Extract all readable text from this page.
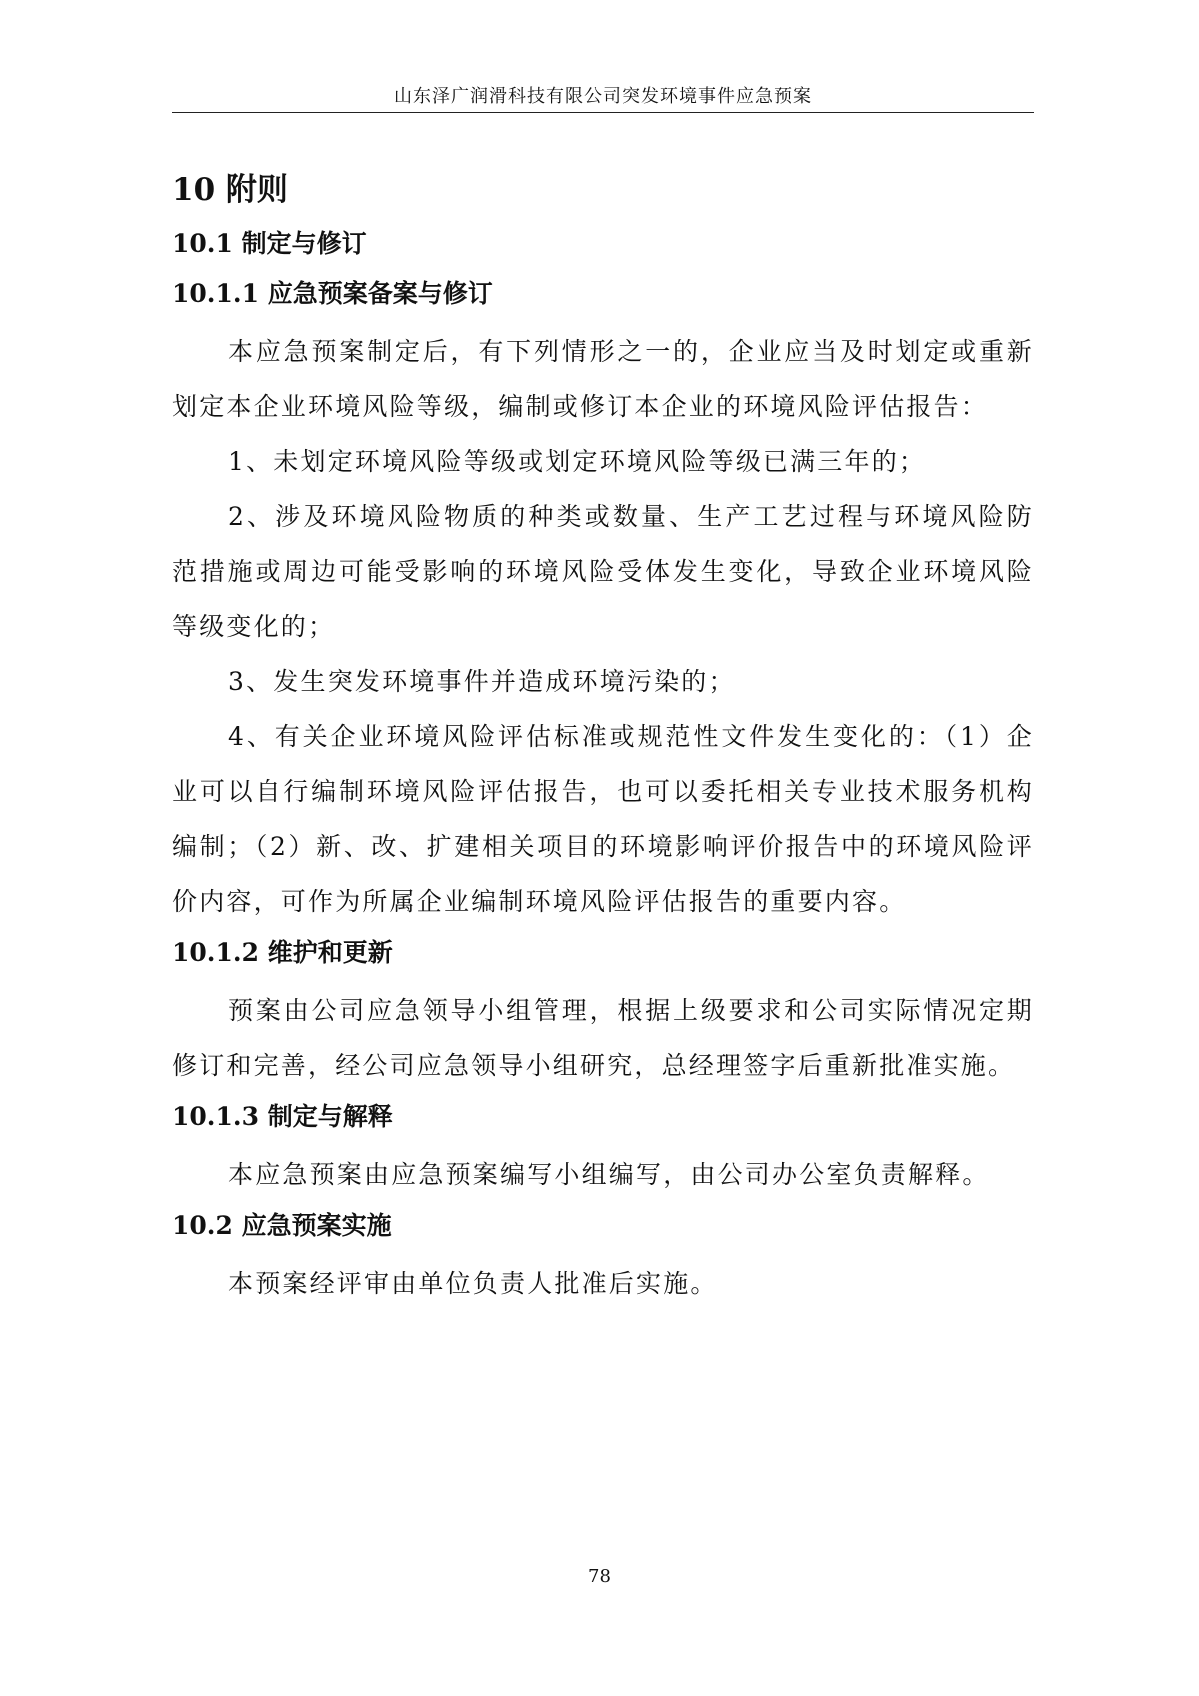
山东泽广润滑科技有限公司突发环境事件应急预案
10 附则
10.1 制定与修订
10.1.1 应急预案备案与修订

本应急预案制定后，有下列情形之一的，企业应当及时划定或重新划定本企业环境风险等级，编制或修订本企业的环境风险评估报告：

1、未划定环境风险等级或划定环境风险等级已满三年的；

2、涉及环境风险物质的种类或数量、生产工艺过程与环境风险防范措施或周边可能受影响的环境风险受体发生变化，导致企业环境风险等级变化的；

3、发生突发环境事件并造成环境污染的；

4、有关企业环境风险评估标准或规范性文件发生变化的：（1）企业可以自行编制环境风险评估报告，也可以委托相关专业技术服务机构编制；（2）新、改、扩建相关项目的环境影响评价报告中的环境风险评价内容，可作为所属企业编制环境风险评估报告的重要内容。

10.1.2 维护和更新

预案由公司应急领导小组管理，根据上级要求和公司实际情况定期修订和完善，经公司应急领导小组研究，总经理签字后重新批准实施。

10.1.3 制定与解释

本应急预案由应急预案编写小组编写，由公司办公室负责解释。

10.2 应急预案实施

本预案经评审由单位负责人批准后实施。

78
